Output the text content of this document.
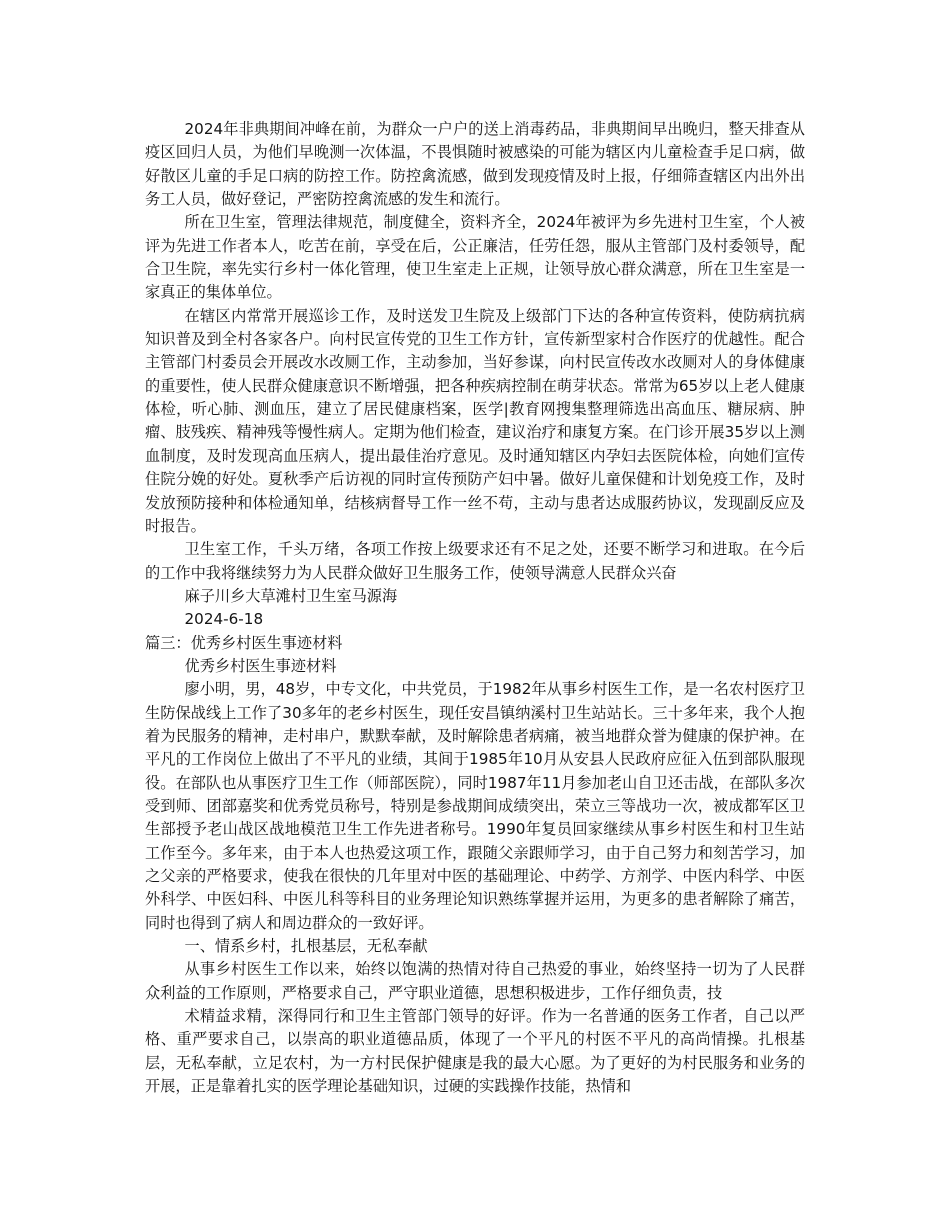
2024年非典期间冲峰在前，为群众一户户的送上消毒药品，非典期间早出晚归，整天排查从疫区回归人员，为他们早晚测一次体温，不畏惧随时被感染的可能为辖区内儿童检查手足口病，做好散区儿童的手足口病的防控工作。防控禽流感，做到发现疫情及时上报，仔细筛查辖区内出外出务工人员，做好登记，严密防控禽流感的发生和流行。

所在卫生室，管理法律规范，制度健全，资料齐全，2024年被评为乡先进村卫生室，个人被评为先进工作者本人，吃苦在前，享受在后，公正廉洁，任劳任怨，服从主管部门及村委领导，配合卫生院，率先实行乡村一体化管理，使卫生室走上正规，让领导放心群众满意，所在卫生室是一家真正的集体单位。

在辖区内常常开展巡诊工作，及时送发卫生院及上级部门下达的各种宣传资料，使防病抗病知识普及到全村各家各户。向村民宣传党的卫生工作方针，宣传新型家村合作医疗的优越性。配合主管部门村委员会开展改水改厕工作，主动参加，当好参谋，向村民宣传改水改厕对人的身体健康的重要性，使人民群众健康意识不断增强，把各种疾病控制在萌芽状态。常常为65岁以上老人健康体检，听心肺、测血压，建立了居民健康档案，医学|教育网搜集整理筛选出高血压、糖尿病、肿瘤、肢残疾、精神残等慢性病人。定期为他们检查，建议治疗和康复方案。在门诊开展35岁以上测血制度，及时发现高血压病人，提出最佳治疗意见。及时通知辖区内孕妇去医院体检，向她们宣传住院分娩的好处。夏秋季产后访视的同时宣传预防产妇中暑。做好儿童保健和计划免疫工作，及时发放预防接种和体检通知单，结核病督导工作一丝不苟，主动与患者达成服药协议，发现副反应及时报告。

卫生室工作，千头万绪，各项工作按上级要求还有不足之处，还要不断学习和进取。在今后的工作中我将继续努力为人民群众做好卫生服务工作，使领导满意人民群众兴奋

麻子川乡大草滩村卫生室马源海

2024-6-18

篇三：优秀乡村医生事迹材料

优秀乡村医生事迹材料

廖小明，男，48岁，中专文化，中共党员，于1982年从事乡村医生工作，是一名农村医疗卫生防保战线上工作了30多年的老乡村医生，现任安昌镇纳溪村卫生站站长。三十多年来，我个人抱着为民服务的精神，走村串户，默默奉献，及时解除患者病痛，被当地群众誉为健康的保护神。在平凡的工作岗位上做出了不平凡的业绩，其间于1985年10月从安县人民政府应征入伍到部队服现役。在部队也从事医疗卫生工作（师部医院），同时1987年11月参加老山自卫还击战，在部队多次受到师、团部嘉奖和优秀党员称号，特别是参战期间成绩突出，荣立三等战功一次，被成都军区卫生部授予老山战区战地模范卫生工作先进者称号。1990年复员回家继续从事乡村医生和村卫生站工作至今。多年来，由于本人也热爱这项工作，跟随父亲跟师学习，由于自己努力和刻苦学习，加之父亲的严格要求，使我在很快的几年里对中医的基础理论、中药学、方剂学、中医内科学、中医外科学、中医妇科、中医儿科等科目的业务理论知识熟练掌握并运用，为更多的患者解除了痛苦，同时也得到了病人和周边群众的一致好评。

一、情系乡村，扎根基层，无私奉献

从事乡村医生工作以来，始终以饱满的热情对待自己热爱的事业，始终坚持一切为了人民群众利益的工作原则，严格要求自己，严守职业道德，思想积极进步，工作仔细负责，技

术精益求精，深得同行和卫生主管部门领导的好评。作为一名普通的医务工作者，自己以严格、重严要求自己，以崇高的职业道德品质，体现了一个平凡的村医不平凡的高尚情操。扎根基层，无私奉献，立足农村，为一方村民保护健康是我的最大心愿。为了更好的为村民服务和业务的开展，正是靠着扎实的医学理论基础知识，过硬的实践操作技能，热情和
